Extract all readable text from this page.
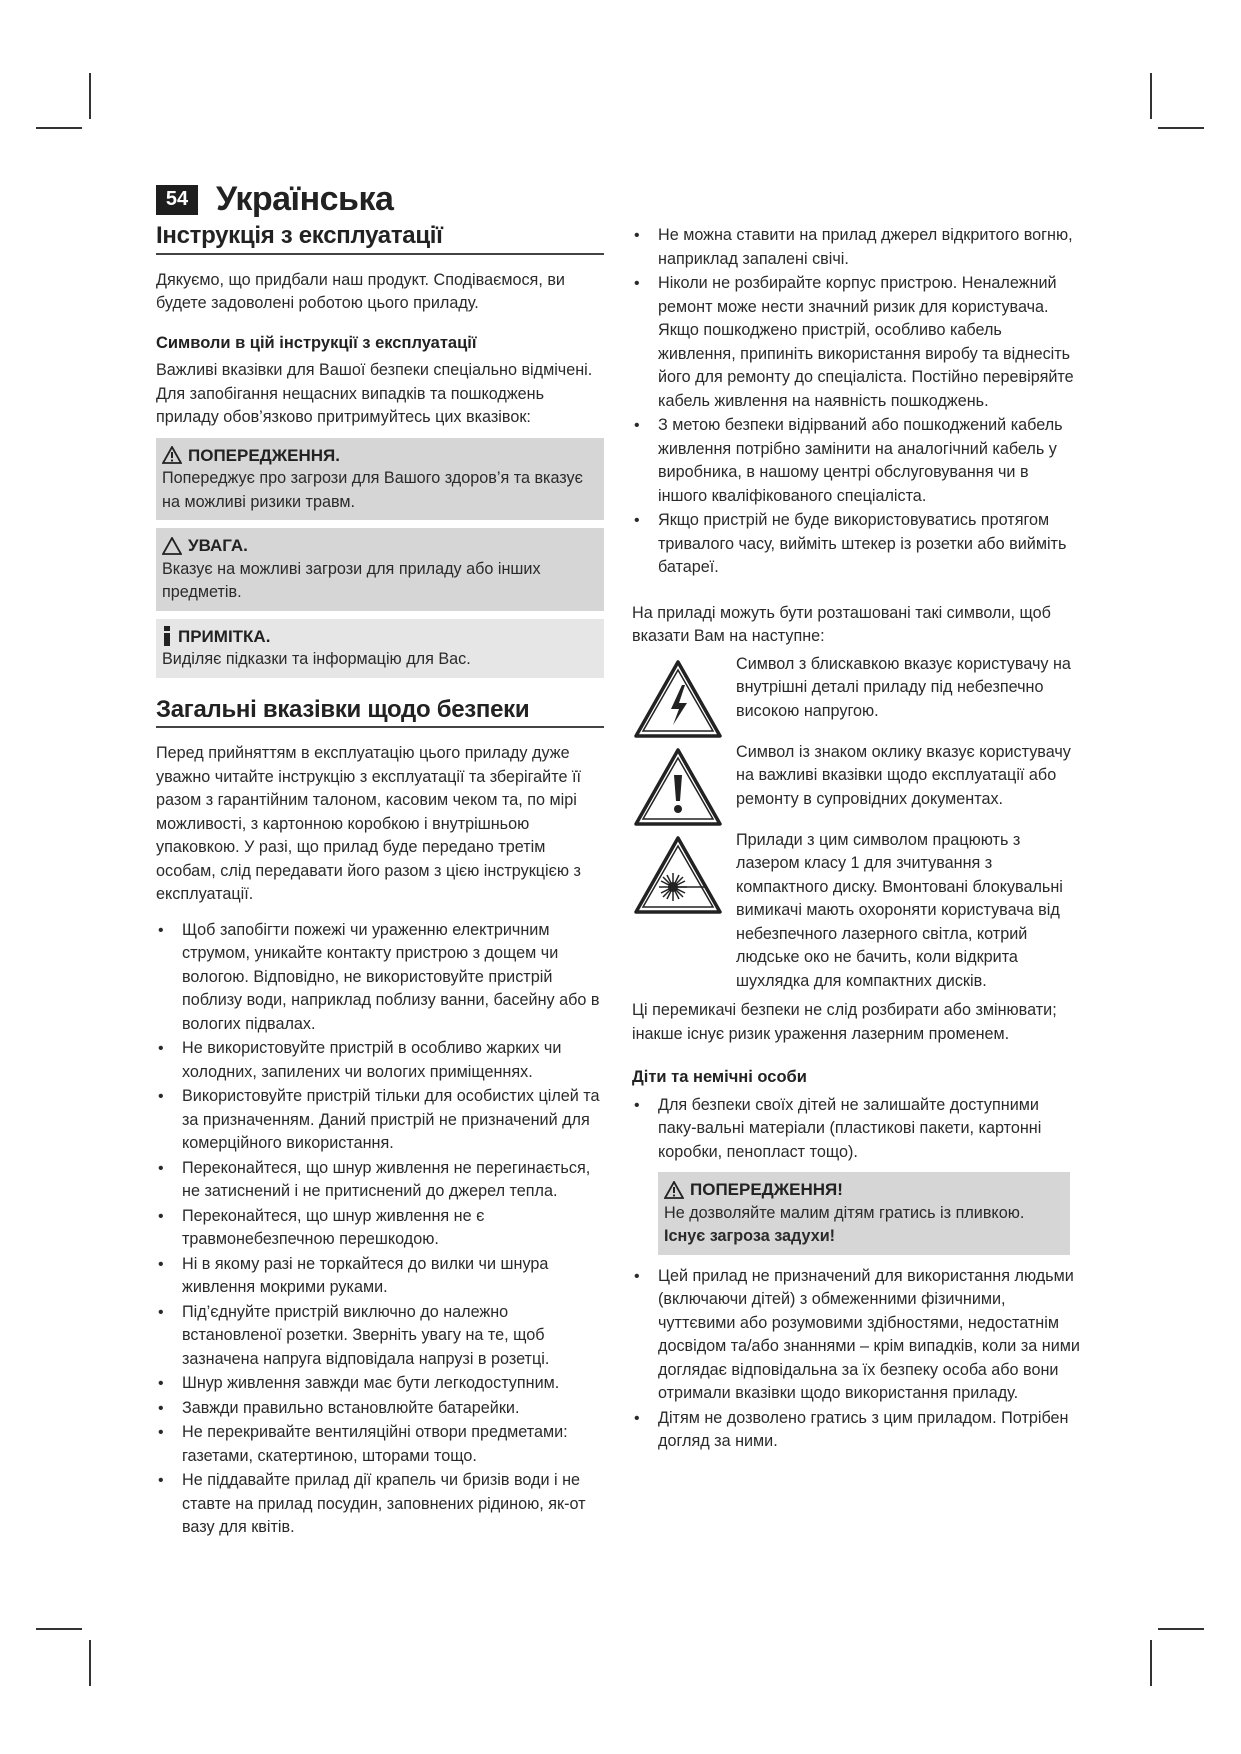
54 Українська
Інструкція з експлуатації

Дякуємо, що придбали наш продукт. Сподіваємося, ви будете задоволені роботою цього приладу.

Символи в цій інструкції з експлуатації

Важливі вказівки для Вашої безпеки спеціально відмічені. Для запобігання нещасних випадків та пошкоджень приладу обов’язково притримуйтесь цих вказівок:

ПОПЕРЕДЖЕННЯ.

Попереджує про загрози для Вашого здоров’я та вказує на можливі ризики травм.

УВАГА.

Вказує на можливі загрози для приладу або інших предметів.

ПРИМІТКА.

Виділяє підказки та інформацію для Вас.

Загальні вказівки щодо безпеки

Перед прийняттям в експлуатацію цього приладу дуже уважно читайте інструкцію з експлуатації та зберігайте її разом з гарантійним талоном, касовим чеком та, по мірі можливості, з картонною коробкою і внутрішньою упаковкою. У разі, що прилад буде передано третім особам, слід передавати його разом з цією інструкцією з експлуатації.

• Щоб запобігти пожежі чи ураженню електричним струмом, уникайте контакту пристрою з дощем чи вологою. Відповідно, не використовуйте пристрій поблизу води, наприклад поблизу ванни, басейну або в вологих підвалах.
• Не використовуйте пристрій в особливо жарких чи холодних, запилених чи вологих приміщеннях.
• Використовуйте пристрій тільки для особистих цілей та за призначенням. Даний пристрій не призначений для комерційного використання.
• Переконайтеся, що шнур живлення не перегинається, не затиснений і не притиснений до джерел тепла.
• Переконайтеся, що шнур живлення не є травмонебезпечною перешкодою.
• Ні в якому разі не торкайтеся до вилки чи шнура живлення мокрими руками.
• Під’єднуйте пристрій виключно до належно встановленої розетки. Зверніть увагу на те, щоб зазначена напруга відповідала напрузі в розетці.
• Шнур живлення завжди має бути легкодоступним.
• Завжди правильно встановлюйте батарейки.
• Не перекривайте вентиляційні отвори предметами: газетами, скатертиною, шторами тощо.
• Не піддавайте прилад дії крапель чи бризів води і не ставте на прилад посудин, заповнених рідиною, як-от вазу для квітів.
• Не можна ставити на прилад джерел відкритого вогню, наприклад запалені свічі.
• Ніколи не розбирайте корпус пристрою. Неналежний ремонт може нести значний ризик для користувача. Якщо пошкоджено пристрій, особливо кабель живлення, припиніть використання виробу та віднесіть його для ремонту до спеціаліста. Постійно перевіряйте кабель живлення на наявність пошкоджень.
• З метою безпеки відірваний або пошкоджений кабель живлення потрібно замінити на аналогічний кабель у виробника, в нашому центрі обслуговування чи в іншого кваліфікованого спеціаліста.
• Якщо пристрій не буде використовуватись протягом тривалого часу, вийміть штекер із розетки або вийміть батареї.

На приладі можуть бути розташовані такі символи, щоб вказати Вам на наступне:

Символ з блискавкою вказує користувачу на внутрішні деталі приладу під небезпечно високою напругою.

Символ із знаком оклику вказує користувачу на важливі вказівки щодо експлуатації або ремонту в супровідних документах.

Прилади з цим символом працюють з лазером класу 1 для зчитування з компактного диску. Вмонтовані блокувальні вимикачі мають охороняти користувача від небезпечного лазерного світла, котрий людське око не бачить, коли відкрита шухлядка для компактних дисків.

Ці перемикачі безпеки не слід розбирати або змінювати; інакше існує ризик ураження лазерним променем.

Діти та немічні особи

• Для безпеки своїх дітей не залишайте доступними паку-вальні матеріали (пластикові пакети, картонні коробки, пенопласт тощо).
ПОПЕРЕДЖЕННЯ!

Не дозволяйте малим дітям гратись із пливкою.

Існує загроза задухи!

• Цей прилад не призначений для використання людьми (включаючи дітей) з обмеженними фізичними, чуттєвими або розумовими здібностями, недостатнім досвідом та/або знаннями – крім випадків, коли за ними доглядає відповідальна за їх безпеку особа або вони отримали вказівки щодо використання приладу.
• Дітям не дозволено гратись з цим приладом. Потрібен догляд за ними.
